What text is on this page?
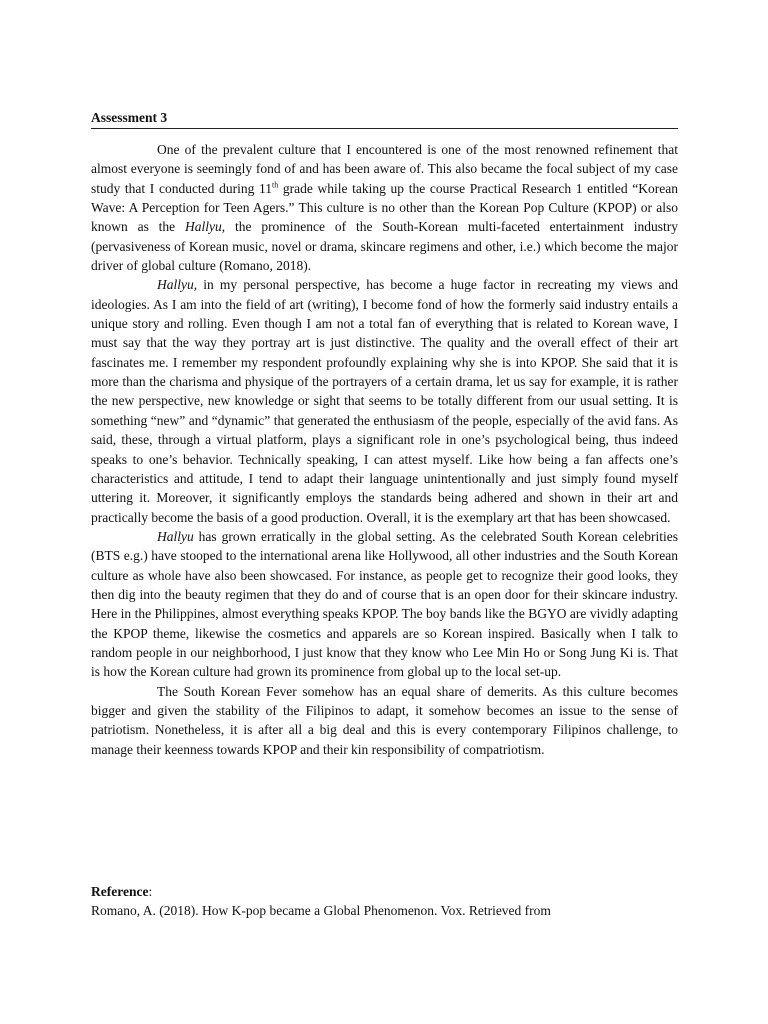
Assessment 3

One of the prevalent culture that I encountered is one of the most renowned refinement that almost everyone is seemingly fond of and has been aware of. This also became the focal subject of my case study that I conducted during 11th grade while taking up the course Practical Research 1 entitled “Korean Wave: A Perception for Teen Agers.” This culture is no other than the Korean Pop Culture (KPOP) or also known as the Hallyu, the prominence of the South-Korean multi-faceted entertainment industry (pervasiveness of Korean music, novel or drama, skincare regimens and other, i.e.) which become the major driver of global culture (Romano, 2018).

Hallyu, in my personal perspective, has become a huge factor in recreating my views and ideologies. As I am into the field of art (writing), I become fond of how the formerly said industry entails a unique story and rolling. Even though I am not a total fan of everything that is related to Korean wave, I must say that the way they portray art is just distinctive. The quality and the overall effect of their art fascinates me. I remember my respondent profoundly explaining why she is into KPOP. She said that it is more than the charisma and physique of the portrayers of a certain drama, let us say for example, it is rather the new perspective, new knowledge or sight that seems to be totally different from our usual setting. It is something “new” and “dynamic” that generated the enthusiasm of the people, especially of the avid fans. As said, these, through a virtual platform, plays a significant role in one’s psychological being, thus indeed speaks to one’s behavior. Technically speaking, I can attest myself. Like how being a fan affects one’s characteristics and attitude, I tend to adapt their language unintentionally and just simply found myself uttering it. Moreover, it significantly employs the standards being adhered and shown in their art and practically become the basis of a good production. Overall, it is the exemplary art that has been showcased.

Hallyu has grown erratically in the global setting. As the celebrated South Korean celebrities (BTS e.g.) have stooped to the international arena like Hollywood, all other industries and the South Korean culture as whole have also been showcased. For instance, as people get to recognize their good looks, they then dig into the beauty regimen that they do and of course that is an open door for their skincare industry. Here in the Philippines, almost everything speaks KPOP. The boy bands like the BGYO are vividly adapting the KPOP theme, likewise the cosmetics and apparels are so Korean inspired. Basically when I talk to random people in our neighborhood, I just know that they know who Lee Min Ho or Song Jung Ki is. That is how the Korean culture had grown its prominence from global up to the local set-up.

The South Korean Fever somehow has an equal share of demerits. As this culture becomes bigger and given the stability of the Filipinos to adapt, it somehow becomes an issue to the sense of patriotism. Nonetheless, it is after all a big deal and this is every contemporary Filipinos challenge, to manage their keenness towards KPOP and their kin responsibility of compatriotism.

Reference:

Romano, A. (2018). How K-pop became a Global Phenomenon. Vox. Retrieved from
